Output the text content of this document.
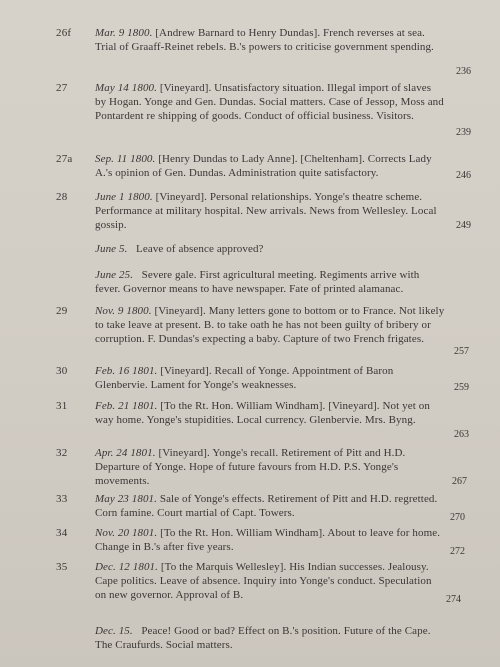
26f Mar. 9 1800. [Andrew Barnard to Henry Dundas]. French reverses at sea. Trial of Graaff-Reinet rebels. B.'s powers to criticise government spending.
236
27	May 14 1800. [Vineyard]. Unsatisfactory situation. Illegal import of slaves by Hogan. Yonge and Gen. Dundas. Social matters. Case of Jessop, Moss and Pontardent re shipping of goods. Conduct of official business. Visitors.
239
27a Sep. 11 1800. [Henry Dundas to Lady Anne]. [Cheltenham]. Corrects Lady A.'s opinion of Gen. Dundas. Administration quite satisfactory.	246
28	June 1 1800. [Vineyard]. Personal relationships. Yonge's theatre scheme. Performance at military hospital. New arrivals. News from Wellesley. Local gossip.	249
June 5. Leave of absence approved?
June 25. Severe gale. First agricultural meeting. Regiments arrive with fever. Governor means to have newspaper. Fate of printed alamanac.
29	Nov. 9 1800. [Vineyard]. Many letters gone to bottom or to France. Not likely to take leave at present. B. to take oath he has not been guilty of bribery or corruption. F. Dundas's expecting a baby. Capture of two French frigates.
257
30	Feb. 16 1801. [Vineyard]. Recall of Yonge. Appointment of Baron Glenbervie. Lament for Yonge's weaknesses.	259
31	Feb. 21 1801. [To the Rt. Hon. William Windham]. [Vineyard]. Not yet on way home. Yonge's stupidities. Local currency. Glenbervie. Mrs. Byng.
263
32	Apr. 24 1801. [Vineyard]. Yonge's recall. Retirement of Pitt and H.D. Departure of Yonge. Hope of future favours from H.D. P.S. Yonge's movements.	267
33	May 23 1801. Sale of Yonge's effects. Retirement of Pitt and H.D. regretted. Corn famine. Court martial of Capt. Towers.	270
34	Nov. 20 1801. [To the Rt. Hon. William Windham]. About to leave for home. Change in B.'s after five years.	272
35	Dec. 12 1801. [To the Marquis Wellesley]. His Indian successes. Jealousy. Cape politics. Leave of absence. Inquiry into Yonge's conduct. Speculation on new governor. Approval of B.	274
Dec. 15. Peace! Good or bad? Effect on B.'s position. Future of the Cape. The Craufurds. Social matters.
